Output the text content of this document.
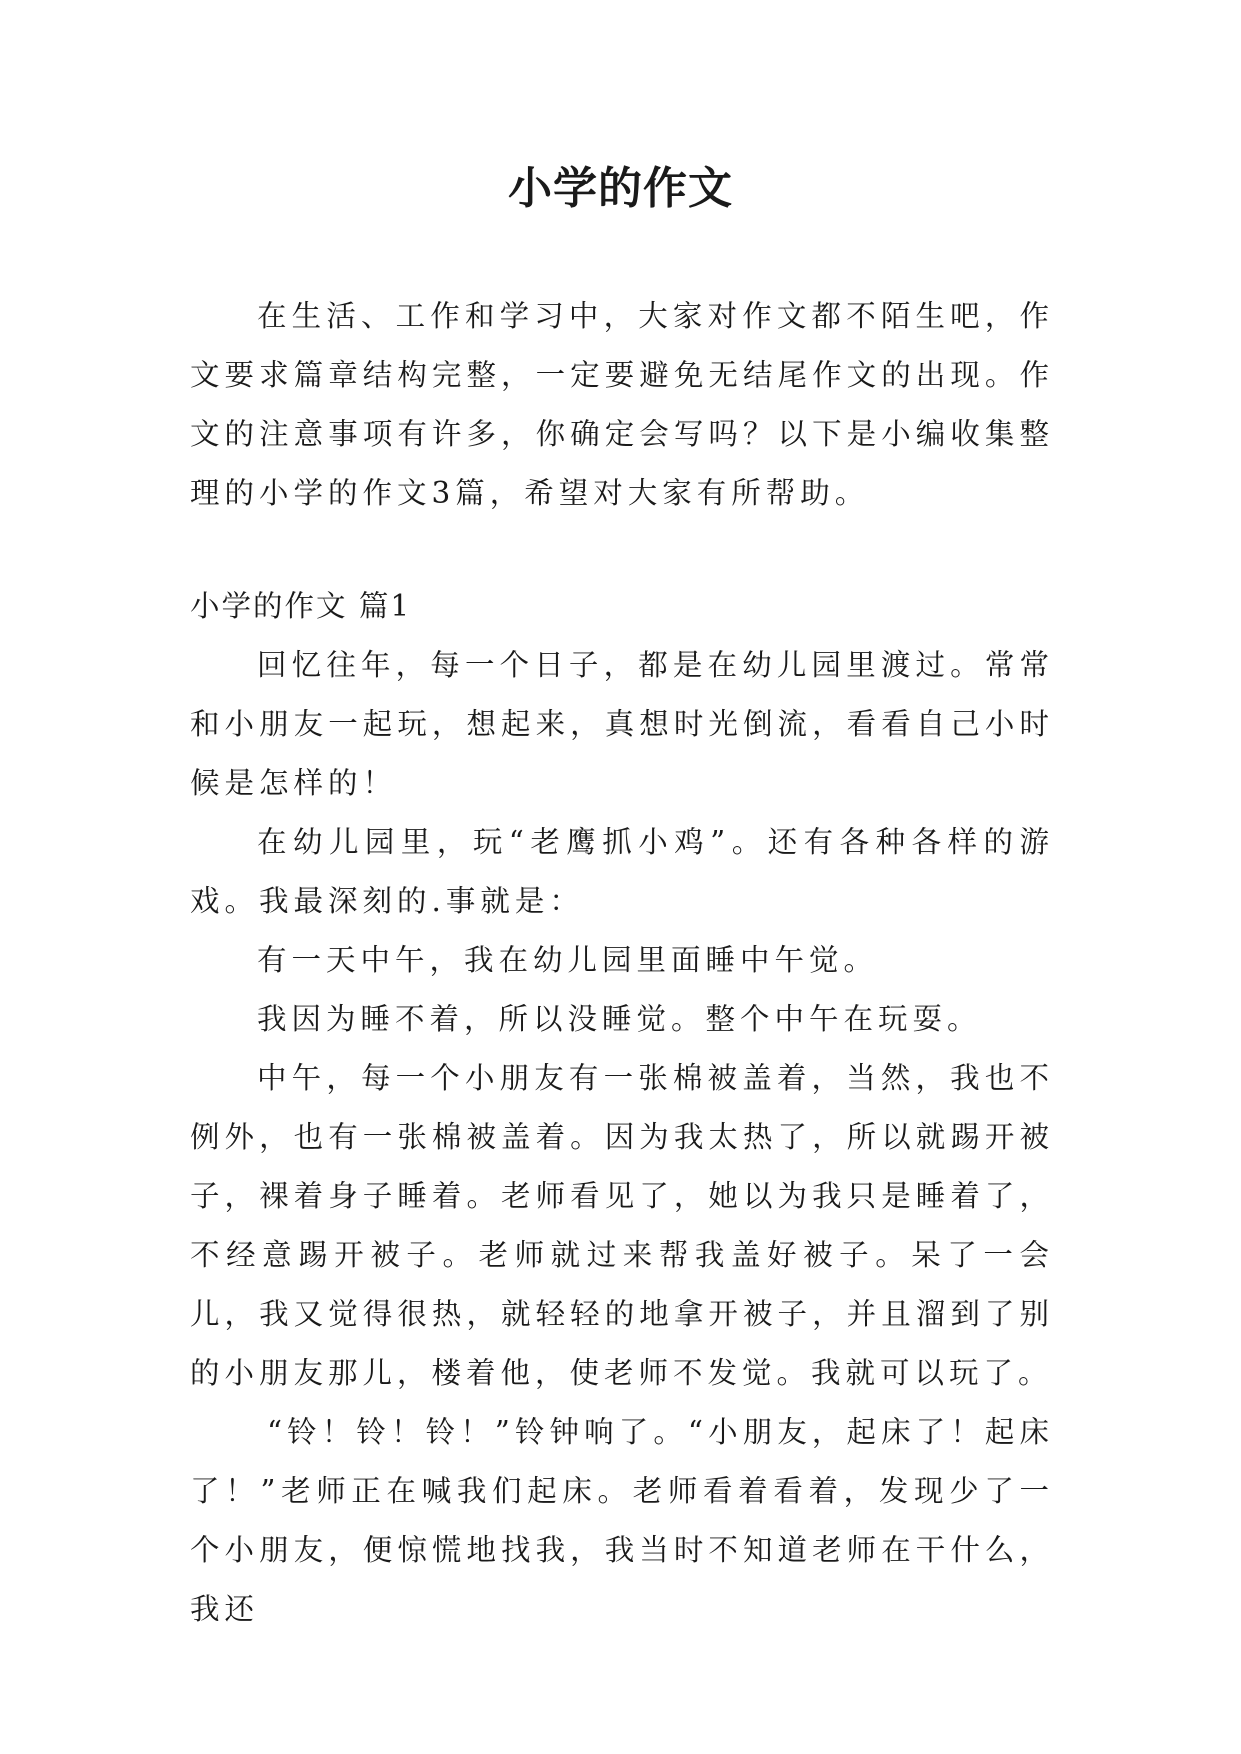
小学的作文

在生活、工作和学习中，大家对作文都不陌生吧，作文要求篇章结构完整，一定要避免无结尾作文的出现。作文的注意事项有许多，你确定会写吗？以下是小编收集整理的小学的作文3篇，希望对大家有所帮助。

小学的作文 篇1

回忆往年，每一个日子，都是在幼儿园里渡过。常常和小朋友一起玩，想起来，真想时光倒流，看看自己小时候是怎样的！

在幼儿园里，玩“老鹰抓小鸡”。还有各种各样的游戏。我最深刻的.事就是：

有一天中午，我在幼儿园里面睡中午觉。

我因为睡不着，所以没睡觉。整个中午在玩耍。

中午，每一个小朋友有一张棉被盖着，当然，我也不例外，也有一张棉被盖着。因为我太热了，所以就踢开被子，裸着身子睡着。老师看见了，她以为我只是睡着了，不经意踢开被子。老师就过来帮我盖好被子。呆了一会儿，我又觉得很热，就轻轻的地拿开被子，并且溜到了别的小朋友那儿，楼着他，使老师不发觉。我就可以玩了。

“铃！铃！铃！”铃钟响了。“小朋友，起床了！起床了！”老师正在喊我们起床。老师看着看着，发现少了一个小朋友，便惊慌地找我，我当时不知道老师在干什么，我还
